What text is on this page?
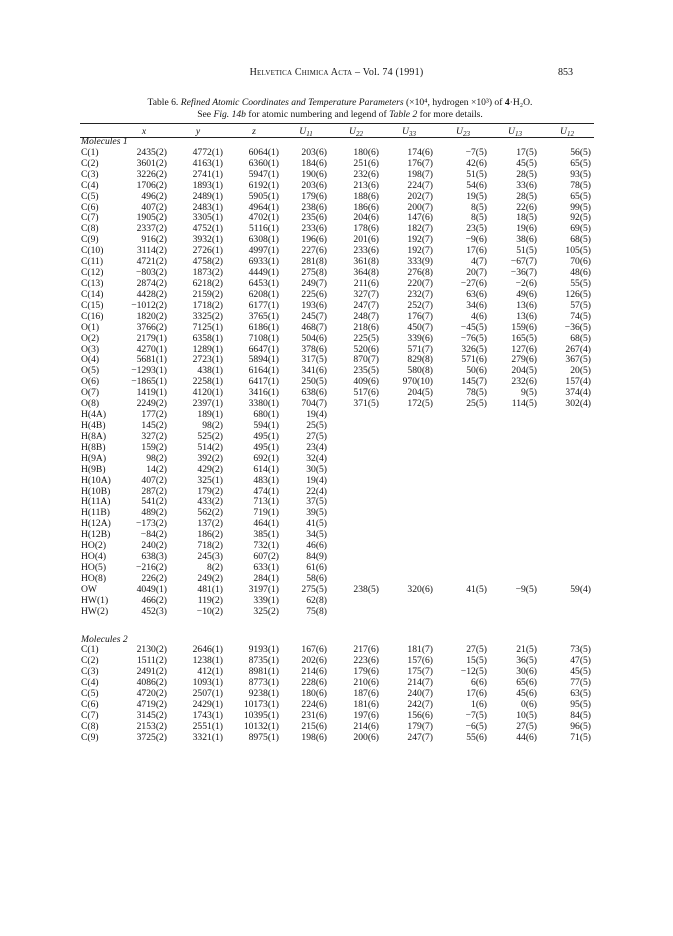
Helvetica Chimica Acta – Vol. 74 (1991)	853
Table 6. Refined Atomic Coordinates and Temperature Parameters (×10⁴, hydrogen ×10³) of 4·H₂O.
See Fig. 14b for atomic numbering and legend of Table 2 for more details.
	x	y	z	$U_{11}$	$U_{22}$	$U_{33}$	$U_{23}$	$U_{13}$	$U_{12}$
Molecules 1									
C(1)	2435(2)	4772(1)	6064(1)	203(6)	180(6)	174(6)	−7(5)	17(5)	56(5)
C(2)	3601(2)	4163(1)	6360(1)	184(6)	251(6)	176(7)	42(6)	45(5)	65(5)
C(3)	3226(2)	2741(1)	5947(1)	190(6)	232(6)	198(7)	51(5)	28(5)	93(5)
C(4)	1706(2)	1893(1)	6192(1)	203(6)	213(6)	224(7)	54(6)	33(6)	78(5)
C(5)	496(2)	2489(1)	5905(1)	179(6)	188(6)	202(7)	19(5)	28(5)	65(5)
C(6)	407(2)	2483(1)	4964(1)	238(6)	186(6)	200(7)	8(5)	22(6)	99(5)
C(7)	1905(2)	3305(1)	4702(1)	235(6)	204(6)	147(6)	8(5)	18(5)	92(5)
C(8)	2337(2)	4752(1)	5116(1)	233(6)	178(6)	182(7)	23(5)	19(6)	69(5)
C(9)	916(2)	3932(1)	6308(1)	196(6)	201(6)	192(7)	−9(6)	38(6)	68(5)
C(10)	3114(2)	2726(1)	4997(1)	227(6)	233(6)	192(7)	17(6)	51(5)	105(5)
C(11)	4721(2)	4758(2)	6933(1)	281(8)	361(8)	333(9)	4(7)	−67(7)	70(6)
C(12)	−803(2)	1873(2)	4449(1)	275(8)	364(8)	276(8)	20(7)	−36(7)	48(6)
C(13)	2874(2)	6218(2)	6453(1)	249(7)	211(6)	220(7)	−27(6)	−2(6)	55(5)
C(14)	4428(2)	2159(2)	6208(1)	225(6)	327(7)	232(7)	63(6)	49(6)	126(5)
C(15)	−1012(2)	1718(2)	6177(1)	193(6)	247(7)	252(7)	34(6)	13(6)	57(5)
C(16)	1820(2)	3325(2)	3765(1)	245(7)	248(7)	176(7)	4(6)	13(6)	74(5)
O(1)	3766(2)	7125(1)	6186(1)	468(7)	218(6)	450(7)	−45(5)	159(6)	−36(5)
O(2)	2179(1)	6358(1)	7108(1)	504(6)	225(5)	339(6)	−76(5)	165(5)	68(5)
O(3)	4270(1)	1289(1)	6647(1)	378(6)	520(6)	571(7)	326(5)	127(6)	267(4)
O(4)	5681(1)	2723(1)	5894(1)	317(5)	870(7)	829(8)	571(6)	279(6)	367(5)
O(5)	−1293(1)	438(1)	6164(1)	341(6)	235(5)	580(8)	50(6)	204(5)	20(5)
O(6)	−1865(1)	2258(1)	6417(1)	250(5)	409(6)	970(10)	145(7)	232(6)	157(4)
O(7)	1419(1)	4120(1)	3416(1)	638(6)	517(6)	204(5)	78(5)	9(5)	374(4)
O(8)	2249(2)	2397(1)	3380(1)	704(7)	371(5)	172(5)	25(5)	114(5)	302(4)
H(4A)	177(2)	189(1)	680(1)	19(4)					
H(4B)	145(2)	98(2)	594(1)	25(5)					
H(8A)	327(2)	525(2)	495(1)	27(5)					
H(8B)	159(2)	514(2)	495(1)	23(4)					
H(9A)	98(2)	392(2)	692(1)	32(4)					
H(9B)	14(2)	429(2)	614(1)	30(5)					
H(10A)	407(2)	325(1)	483(1)	19(4)					
H(10B)	287(2)	179(2)	474(1)	22(4)					
H(11A)	541(2)	433(2)	713(1)	37(5)					
H(11B)	489(2)	562(2)	719(1)	39(5)					
H(12A)	−173(2)	137(2)	464(1)	41(5)					
H(12B)	−84(2)	186(2)	385(1)	34(5)					
HO(2)	240(2)	718(2)	732(1)	46(6)					
HO(4)	638(3)	245(3)	607(2)	84(9)					
HO(5)	−216(2)	8(2)	633(1)	61(6)					
HO(8)	226(2)	249(2)	284(1)	58(6)					
OW	4049(1)	481(1)	3197(1)	275(5)	238(5)	320(6)	41(5)	−9(5)	59(4)
HW(1)	466(2)	119(2)	339(1)	62(8)					
HW(2)	452(3)	−10(2)	325(2)	75(8)					

Molecules 2									
C(1)	2130(2)	2646(1)	9193(1)	167(6)	217(6)	181(7)	27(5)	21(5)	73(5)
C(2)	1511(2)	1238(1)	8735(1)	202(6)	223(6)	157(6)	15(5)	36(5)	47(5)
C(3)	2491(2)	412(1)	8981(1)	214(6)	179(6)	175(7)	−12(5)	30(6)	45(5)
C(4)	4086(2)	1093(1)	8773(1)	228(6)	210(6)	214(7)	6(6)	65(6)	77(5)
C(5)	4720(2)	2507(1)	9238(1)	180(6)	187(6)	240(7)	17(6)	45(6)	63(5)
C(6)	4719(2)	2429(1)	10173(1)	224(6)	181(6)	242(7)	1(6)	0(6)	95(5)
C(7)	3145(2)	1743(1)	10395(1)	231(6)	197(6)	156(6)	−7(5)	10(5)	84(5)
C(8)	2153(2)	2551(1)	10132(1)	215(6)	214(6)	179(7)	−6(5)	27(5)	96(5)
C(9)	3725(2)	3321(1)	8975(1)	198(6)	200(6)	247(7)	55(6)	44(6)	71(5)
